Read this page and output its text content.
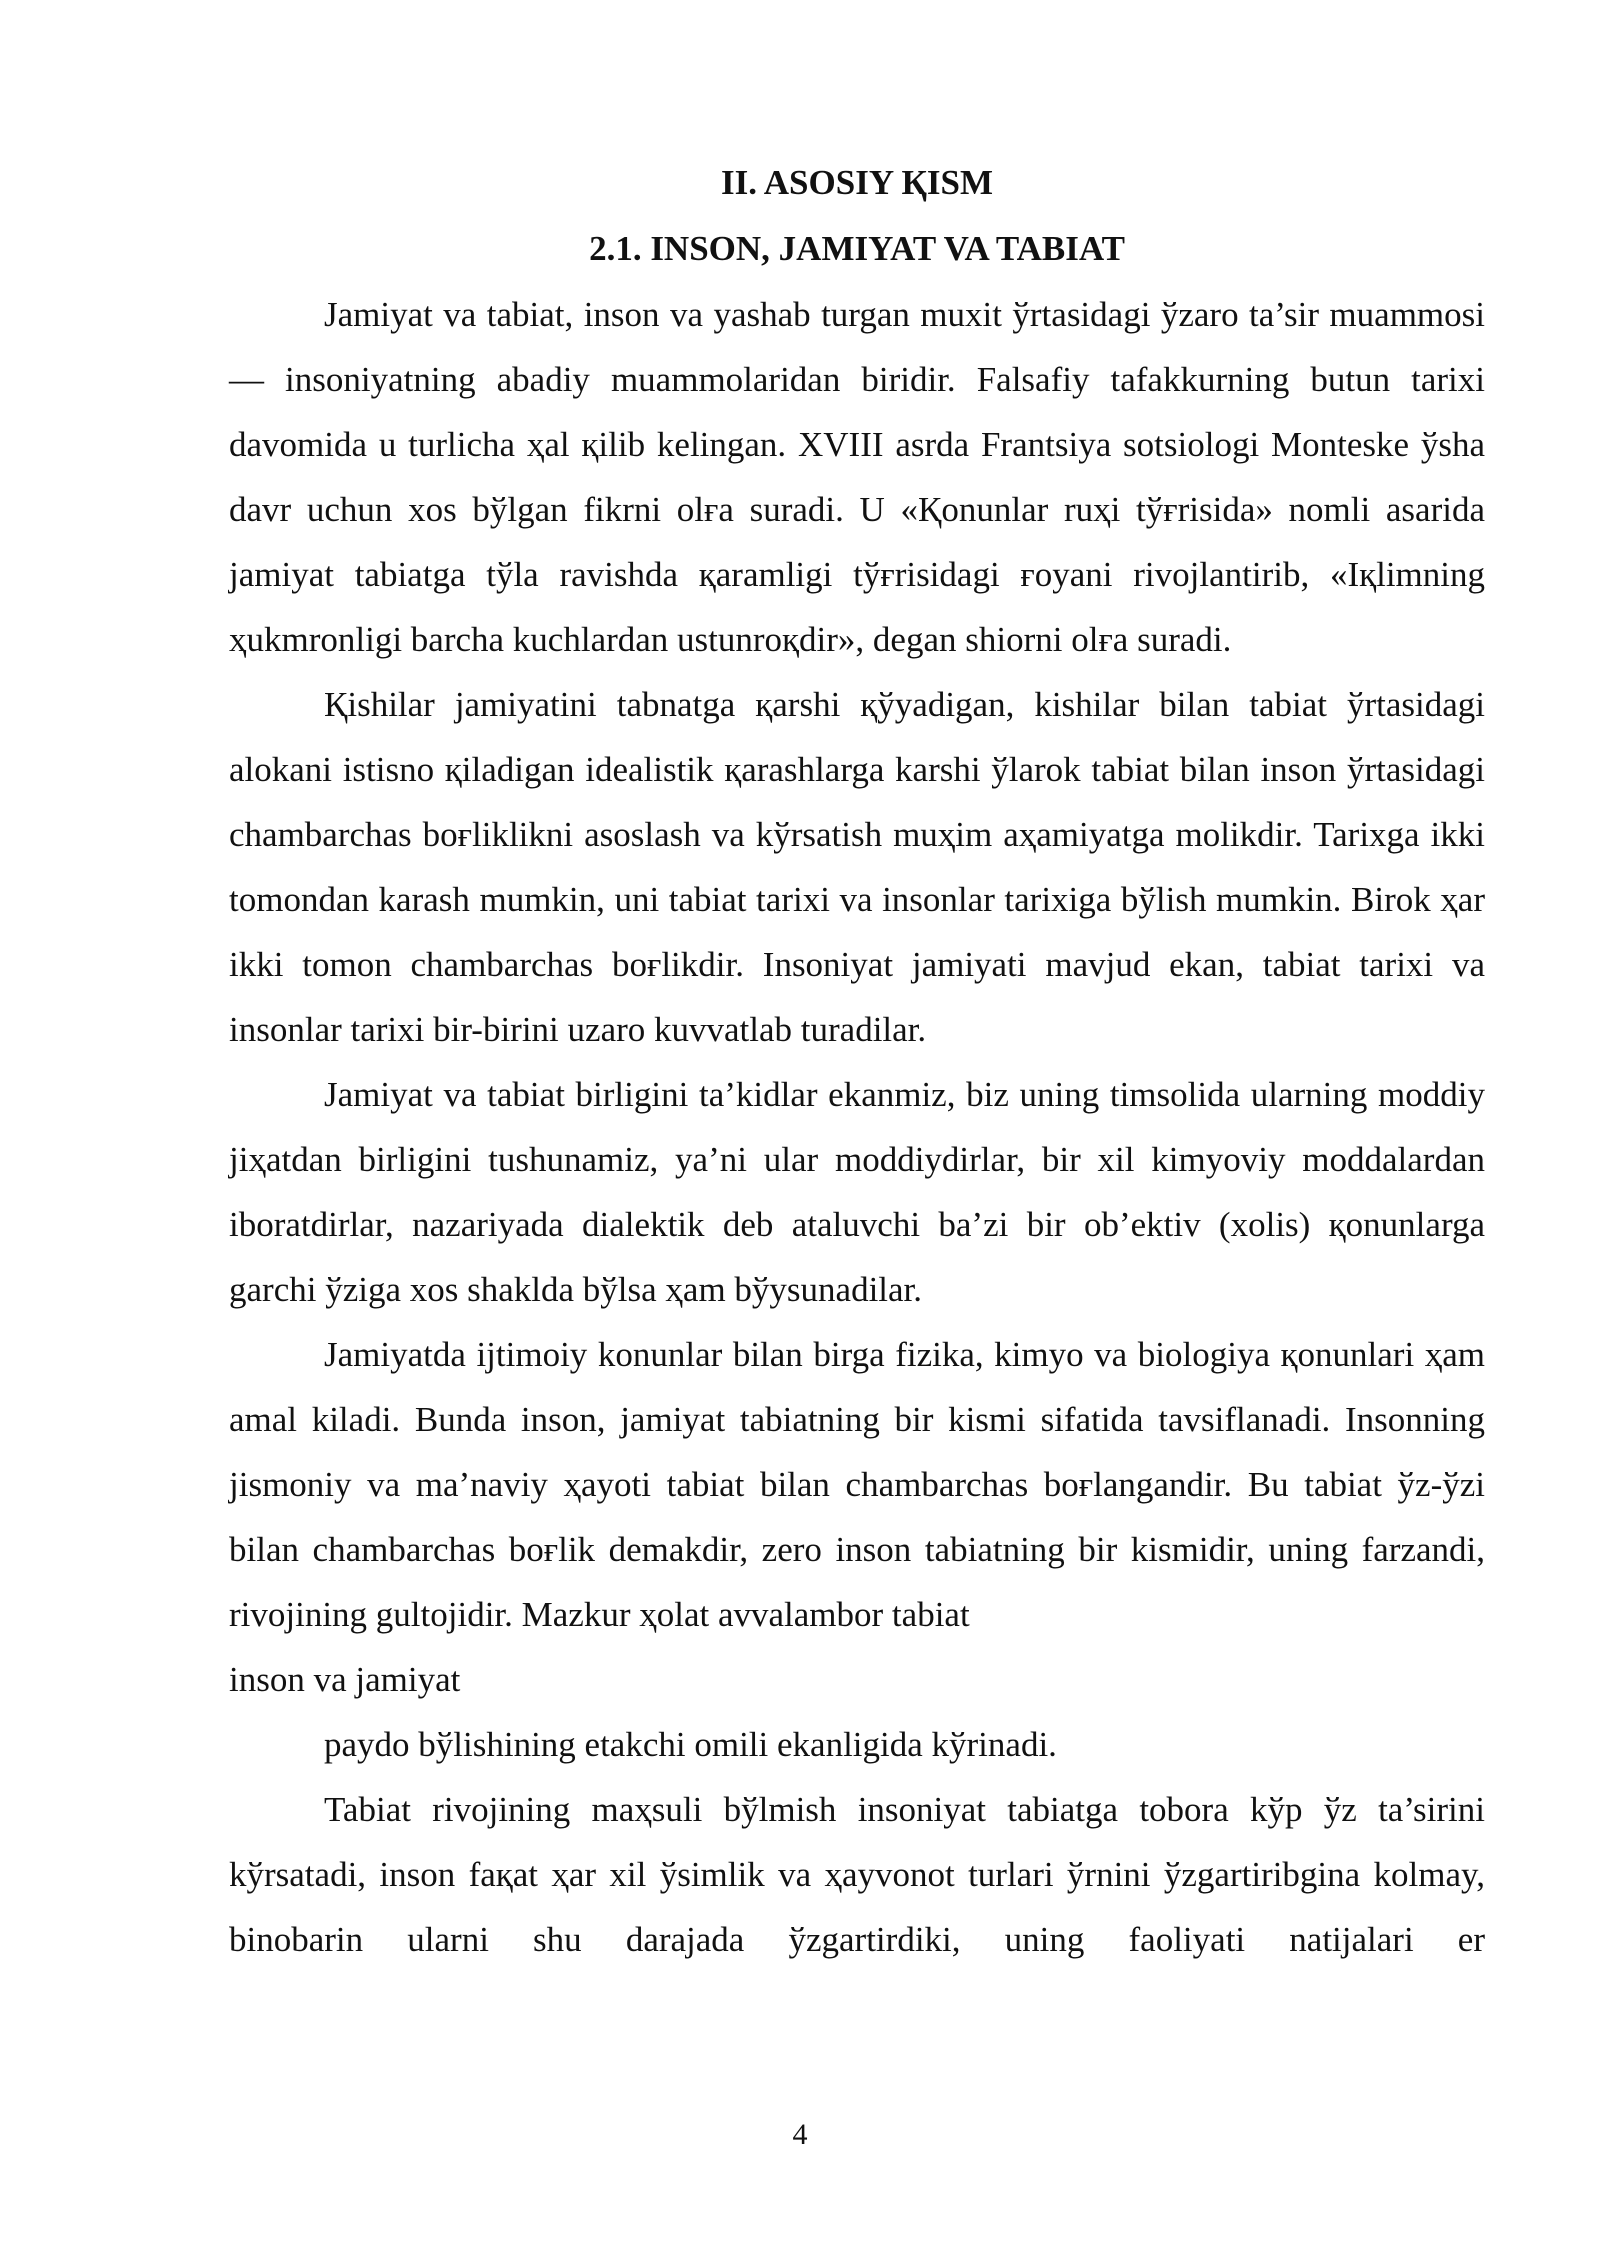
II. ASOSIY ҚISM
2.1. INSON, JAMIYAT VA TABIAT

Jamiyat va tabiat, inson va yashab turgan muxit ўrtasidagi ўzaro ta’sir muammosi — insoniyatning abadiy muammolaridan biridir. Falsafiy tafakkurning butun tarixi davomida u turlicha ҳal қilib kelingan. XVIII asrda Frantsiya sotsiologi Monteske ўsha davr uchun xos bўlgan fikrni olғa suradi. U «Қonunlar ruҳi tўғrisida» nomli asarida jamiyat tabiatga tўla ravishda қaramligi tўғrisidagi ғoyani rivojlantirib, «Iқlimning ҳukmronligi barcha kuchlardan ustunroқdir», degan shiorni olғa suradi.

Қishilar jamiyatini tabnatga қarshi қўyadigan, kishilar bilan tabiat ўrtasidagi alokani istisno қiladigan idealistik қarashlarga karshi ўlarok tabiat bilan inson ўrtasidagi chambarchas boғliklikni asoslash va kўrsatish muҳim aҳamiyatga molikdir. Tarixga ikki tomondan karash mumkin, uni tabiat tarixi va insonlar tarixiga bўlish mumkin. Birok ҳar ikki tomon chambarchas boғlikdir. Insoniyat jamiyati mavjud ekan, tabiat tarixi va insonlar tarixi bir-birini uzaro kuvvatlab turadilar.

Jamiyat va tabiat birligini ta’kidlar ekanmiz, biz uning timsolida ularning moddiy jiҳatdan birligini tushunamiz, ya’ni ular moddiydirlar, bir xil kimyoviy moddalardan iboratdirlar, nazariyada dialektik deb ataluvchi ba’zi bir ob’ektiv (xolis) қonunlarga garchi ўziga xos shaklda bўlsa ҳam bўysunadilar.

Jamiyatda ijtimoiy konunlar bilan birga fizika, kimyo va biologiya қonunlari ҳam amal kiladi. Bunda inson, jamiyat tabiatning bir kismi sifatida tavsiflanadi. Insonning jismoniy va ma’naviy ҳayoti tabiat bilan chambarchas boғlangandir. Bu tabiat ўz-ўzi bilan chambarchas boғlik demakdir, zero inson tabiatning bir kismidir, uning farzandi, rivojining gultojidir. Mazkur ҳolat avvalambor tabiat
inson va jamiyat

paydo bўlishining etakchi omili ekanligida kўrinadi.

Tabiat rivojining maҳsuli bўlmish insoniyat tabiatga tobora kўp ўz ta’sirini kўrsatadi, inson faқat ҳar xil ўsimlik va ҳayvonot turlari ўrnini ўzgartiribgina kolmay, binobarin ularni shu darajada ўzgartirdiki, uning faoliyati natijalari er

4
